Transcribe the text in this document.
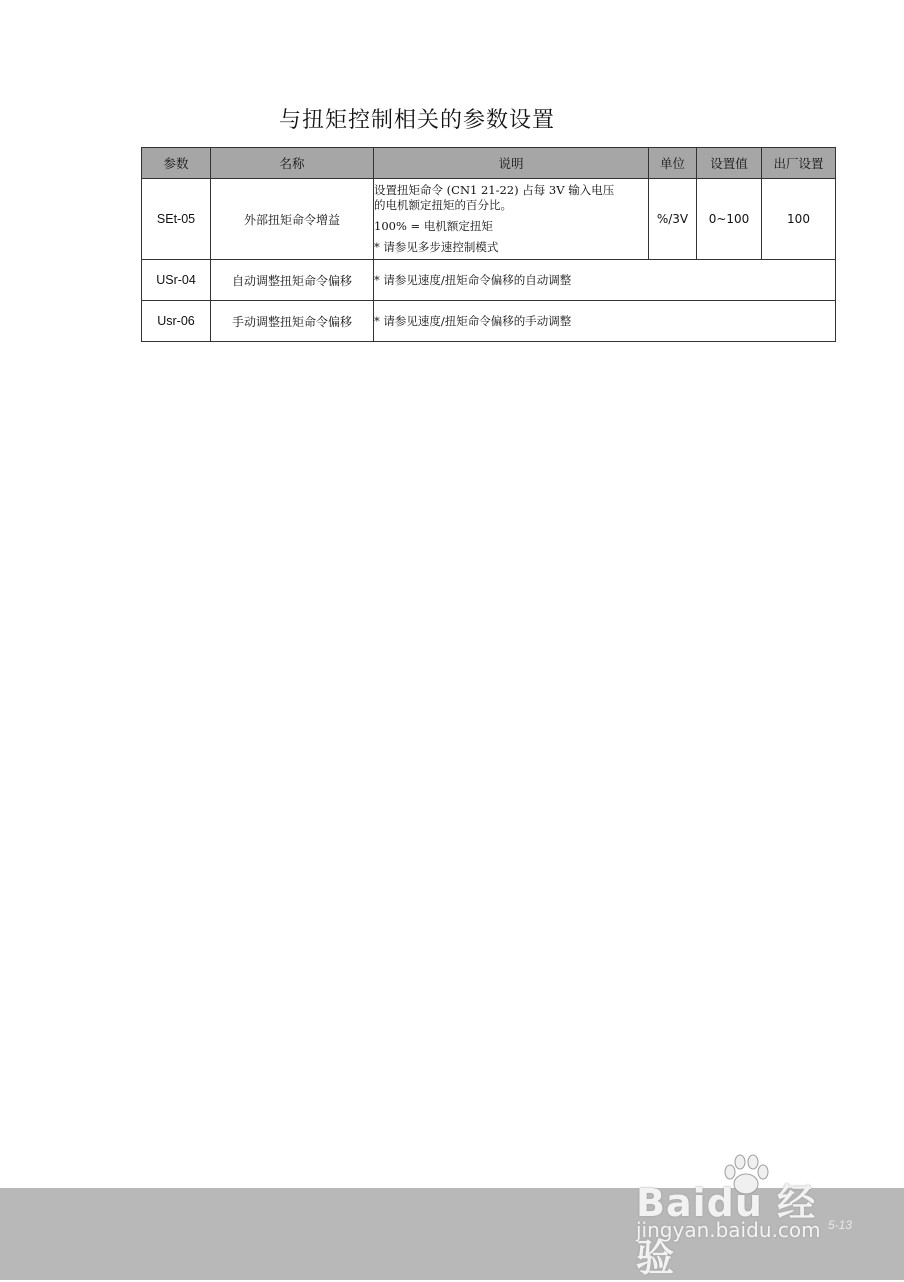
与扭矩控制相关的参数设置
参数	名称	说明	单位	设置值	出厂设置
SEt-05	外部扭矩命令增益	设置扭矩命令 (CN1 21-22) 占每 3V 输入电压
的电机额定扭矩的百分比。
100% = 电机额定扭矩
* 请参见多步速控制模式	%/3V	0~100	100
USr-04	自动调整扭矩命令偏移	* 请参见速度/扭矩命令偏移的自动调整			

Usr-06	手动调整扭矩命令偏移	* 请参见速度/扭矩命令偏移的手动调整			
Baidu 经验
jingyan.baidu.com 5-13
